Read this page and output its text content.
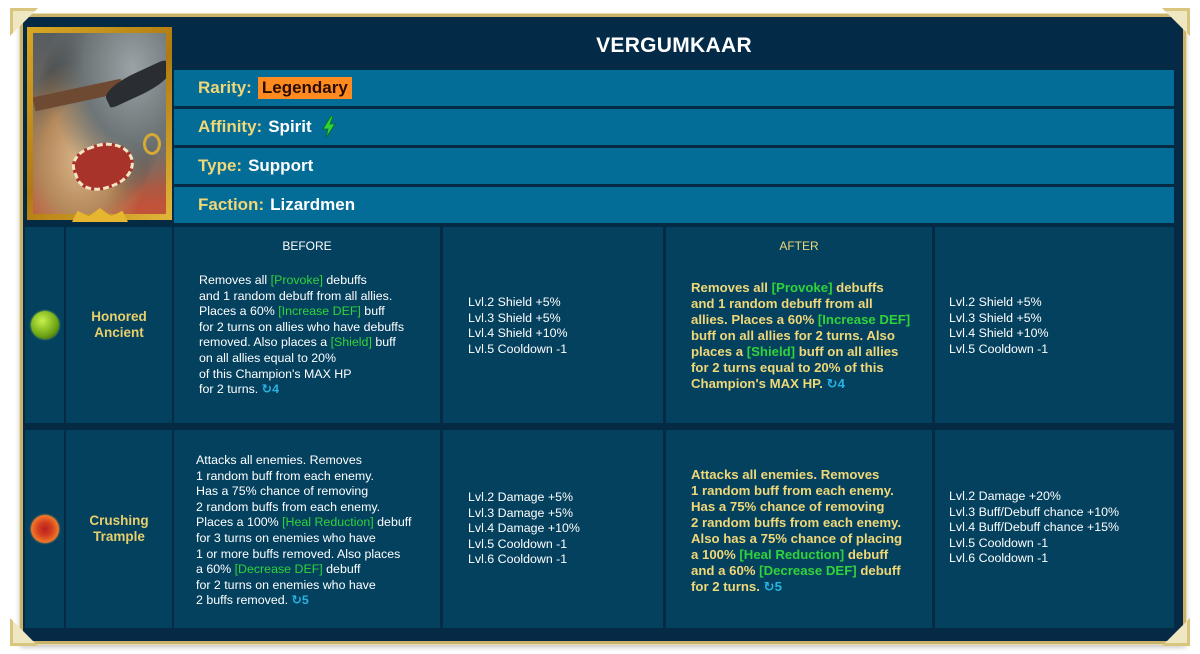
VERGUMKAAR
Rarity: Legendary
Affinity: Spirit
Type: Support
Faction: Lizardmen
Honored
Ancient
BEFORE
Removes all [Provoke] debuffs
and 1 random debuff from all allies.
Places a 60% [Increase DEF] buff
for 2 turns on allies who have debuffs
removed. Also places a [Shield] buff
on all allies equal to 20%
of this Champion's MAX HP
for 2 turns. ↻4
Lvl.2 Shield +5%
Lvl.3 Shield +5%
Lvl.4 Shield +10%
Lvl.5 Cooldown -1
AFTER
Removes all [Provoke] debuffs
and 1 random debuff from all
allies. Places a 60% [Increase DEF]
buff on all allies for 2 turns. Also
places a [Shield] buff on all allies
for 2 turns equal to 20% of this
Champion's MAX HP. ↻4
Lvl.2 Shield +5%
Lvl.3 Shield +5%
Lvl.4 Shield +10%
Lvl.5 Cooldown -1
Crushing
Trample
Attacks all enemies. Removes
1 random buff from each enemy.
Has a 75% chance of removing
2 random buffs from each enemy.
Places a 100% [Heal Reduction] debuff
for 3 turns on enemies who have
1 or more buffs removed. Also places
a 60% [Decrease DEF] debuff
for 2 turns on enemies who have
2 buffs removed. ↻5
Lvl.2 Damage +5%
Lvl.3 Damage +5%
Lvl.4 Damage +10%
Lvl.5 Cooldown -1
Lvl.6 Cooldown -1
Attacks all enemies. Removes
1 random buff from each enemy.
Has a 75% chance of removing
2 random buffs from each enemy.
Also has a 75% chance of placing
a 100% [Heal Reduction] debuff
and a 60% [Decrease DEF] debuff
for 2 turns. ↻5
Lvl.2 Damage +20%
Lvl.3 Buff/Debuff chance +10%
Lvl.4 Buff/Debuff chance +15%
Lvl.5 Cooldown -1
Lvl.6 Cooldown -1
